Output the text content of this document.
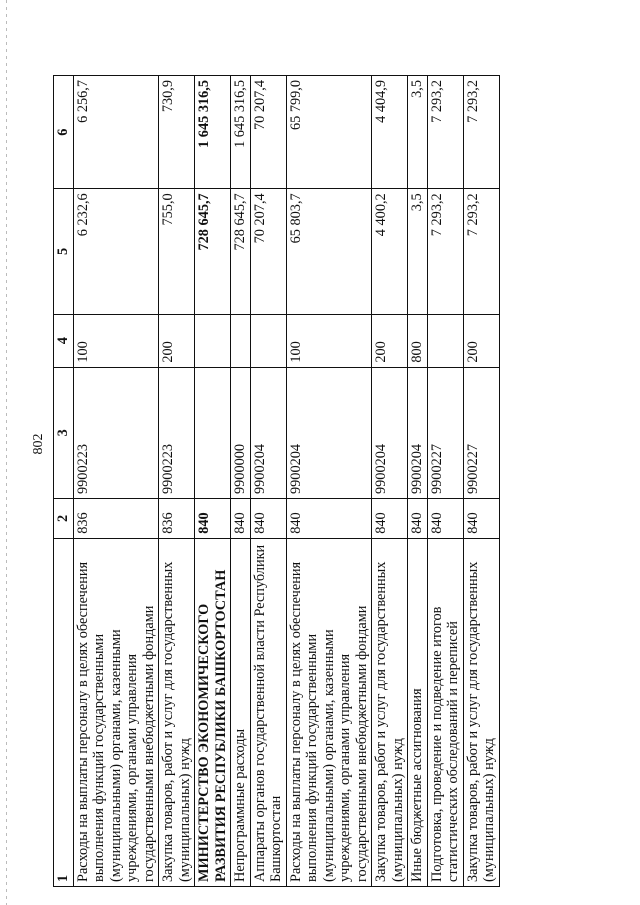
802
1	2	3	4	5	6
Расходы на выплаты персоналу в целях обеспечения выполнения функций государственными (муниципальными) органами, казенными учреждениями, органами управления государственными внебюджетными фондами	836	9900223	100	6 232,6	6 256,7
Закупка товаров, работ и услуг для государственных (муниципальных) нужд	836	9900223	200	755,0	730,9
МИНИСТЕРСТВО ЭКОНОМИЧЕСКОГО РАЗВИТИЯ РЕСПУБЛИКИ БАШКОРТОСТАН	840			728 645,7	1 645 316,5
Непрограммные расходы	840	9900000		728 645,7	1 645 316,5
Аппараты органов государственной власти Республики Башкортостан	840	9900204		70 207,4	70 207,4
Расходы на выплаты персоналу в целях обеспечения выполнения функций государственными (муниципальными) органами, казенными учреждениями, органами управления государственными внебюджетными фондами	840	9900204	100	65 803,7	65 799,0
Закупка товаров, работ и услуг для государственных (муниципальных) нужд	840	9900204	200	4 400,2	4 404,9
Иные бюджетные ассигнования	840	9900204	800	3,5	3,5
Подготовка, проведение и подведение итогов статистических обследований и переписей	840	9900227		7 293,2	7 293,2
Закупка товаров, работ и услуг для государственных (муниципальных) нужд	840	9900227	200	7 293,2	7 293,2
